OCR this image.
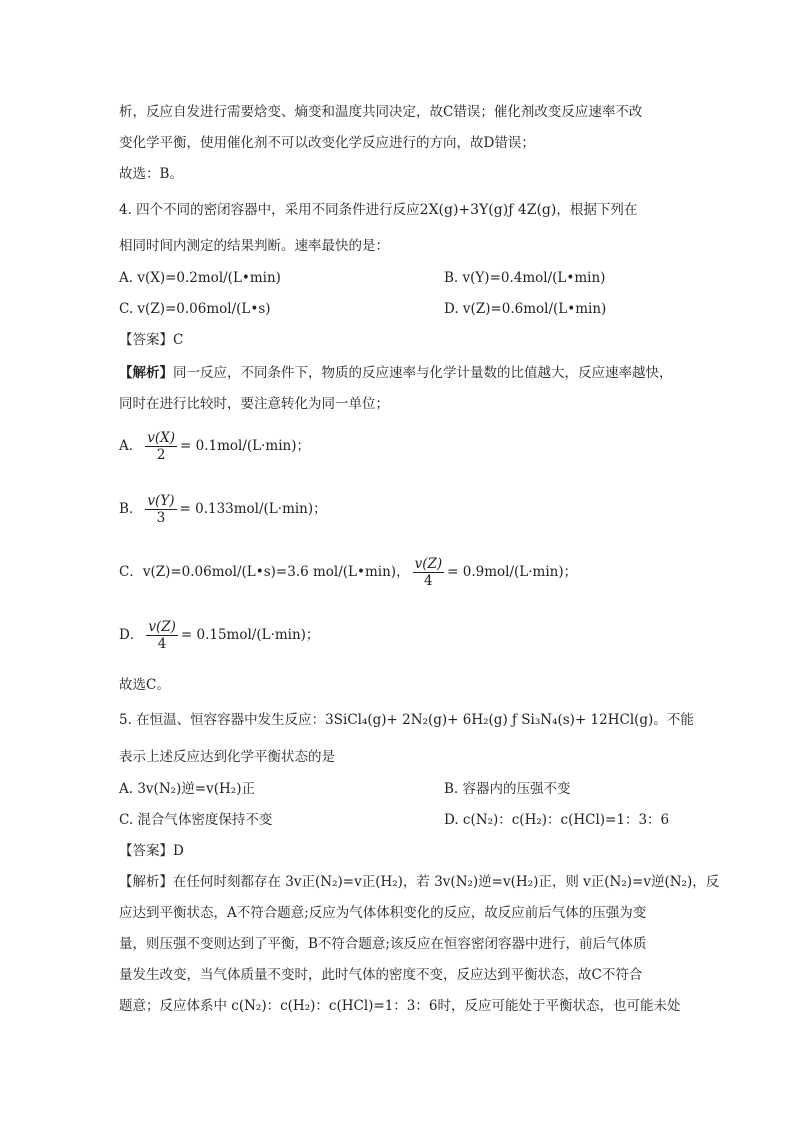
析，反应自发进行需要焓变、熵变和温度共同决定，故C错误；催化剂改变反应速率不改
变化学平衡，使用催化剂不可以改变化学反应进行的方向，故D错误；
故选：B。
4. 四个不同的密闭容器中，采用不同条件进行反应2X(g)+3Y(g)ƒ 4Z(g)，根据下列在
相同时间内测定的结果判断。速率最快的是：
A. v(X)=0.2mol/(L•min)	B. v(Y)=0.4mol/(L•min)
C. v(Z)=0.06mol/(L•s)	D. v(Z)=0.6mol/(L•min)
【答案】C
【解析】同一反应，不同条件下，物质的反应速率与化学计量数的比值越大，反应速率越快，
同时在进行比较时，要注意转化为同一单位；
A． $\frac{v(X)}{2} = 0.1mol/(L\cdot\min)$；
B． $\frac{v(Y)}{3} = 0.133mol/(L\cdot\min)$；
C．v(Z)=0.06mol/(L•s)=3.6 mol/(L•min)， $\frac{v(Z)}{4} = 0.9mol/(L\cdot\min)$；
D． $\frac{v(Z)}{4} = 0.15mol/(L\cdot\min)$；
故选C。
5. 在恒温、恒容容器中发生反应：3SiCl₄(g)+ 2N₂(g)+ 6H₂(g) ƒ Si₃N₄(s)+ 12HCl(g)。不能
表示上述反应达到化学平衡状态的是
A. 3v(N₂)逆=v(H₂)正	B. 容器内的压强不变
C. 混合气体密度保持不变	D. c(N₂)：c(H₂)：c(HCl)=1：3：6
【答案】D
【解析】在任何时刻都存在 3v正(N₂)=v正(H₂)，若 3v(N₂)逆=v(H₂)正，则 v正(N₂)=v逆(N₂)，反
应达到平衡状态，A不符合题意;反应为气体体积变化的反应，故反应前后气体的压强为变
量，则压强不变则达到了平衡，B不符合题意;该反应在恒容密闭容器中进行，前后气体质
量发生改变，当气体质量不变时，此时气体的密度不变，反应达到平衡状态，故C不符合
题意；反应体系中 c(N₂)：c(H₂)：c(HCl)=1：3：6时，反应可能处于平衡状态，也可能未处
